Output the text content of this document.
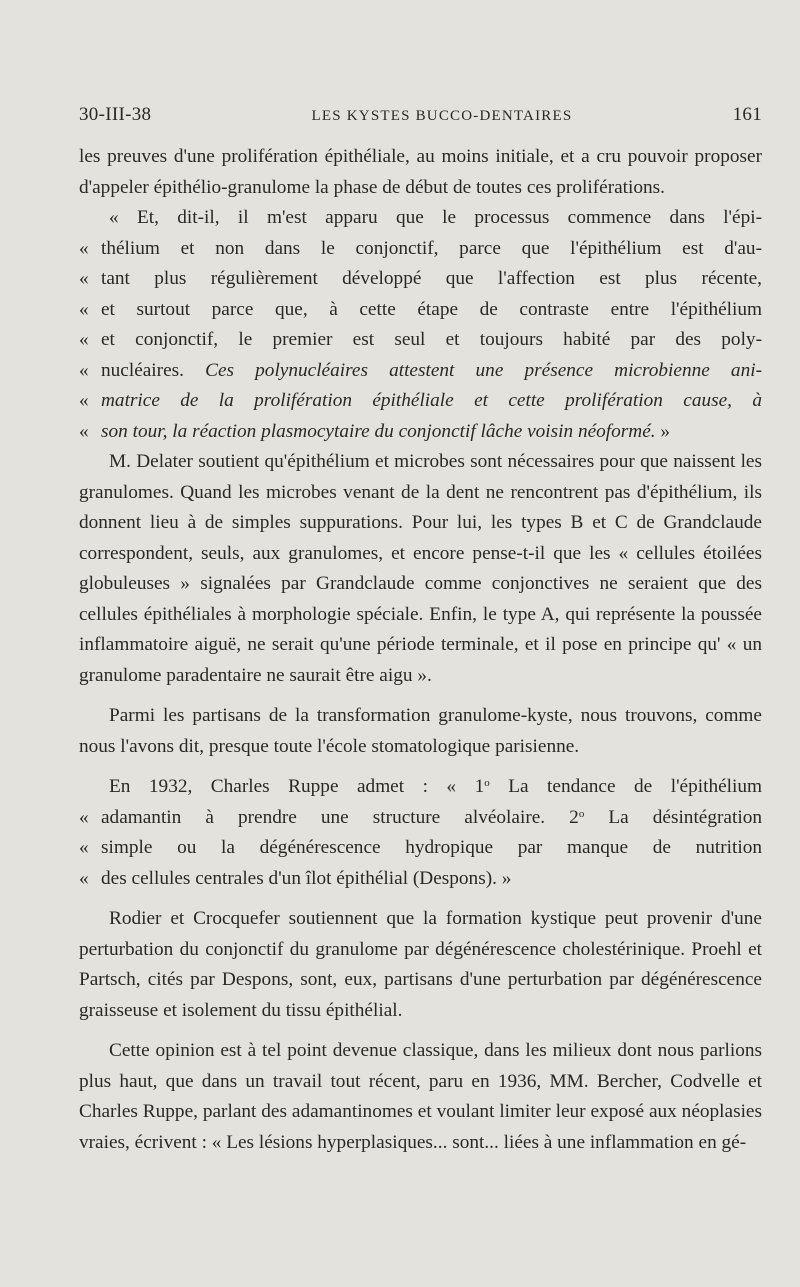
30-III-38	LES KYSTES BUCCO-DENTAIRES	161

les preuves d'une prolifération épithéliale, au moins initiale, et a cru pouvoir proposer d'appeler épithélio-granulome la phase de début de toutes ces proliférations.

« Et, dit-il, il m'est apparu que le processus commence dans l'épi-

« thélium et non dans le conjonctif, parce que l'épithélium est d'au-

« tant plus régulièrement développé que l'affection est plus récente,

« et surtout parce que, à cette étape de contraste entre l'épithélium

« et conjonctif, le premier est seul et toujours habité par des poly-

« nucléaires. Ces polynucléaires attestent une présence microbienne ani-

« matrice de la prolifération épithéliale et cette prolifération cause, à

« son tour, la réaction plasmocytaire du conjonctif lâche voisin néoformé. »

M. Delater soutient qu'épithélium et microbes sont nécessaires pour que naissent les granulomes. Quand les microbes venant de la dent ne rencontrent pas d'épithélium, ils donnent lieu à de simples suppurations. Pour lui, les types B et C de Grandclaude correspondent, seuls, aux granulomes, et encore pense-t-il que les « cellules étoilées globuleuses » signalées par Grandclaude comme conjonctives ne seraient que des cellules épithéliales à morphologie spéciale. Enfin, le type A, qui représente la poussée inflammatoire aiguë, ne serait qu'une période terminale, et il pose en principe qu' « un granulome paradentaire ne saurait être aigu ».

Parmi les partisans de la transformation granulome-kyste, nous trouvons, comme nous l'avons dit, presque toute l'école stomatologique parisienne.

En 1932, Charles Ruppe admet : « 1$^o$ La tendance de l'épithélium

« adamantin à prendre une structure alvéolaire. 2$^o$ La désintégration

« simple ou la dégénérescence hydropique par manque de nutrition

« des cellules centrales d'un îlot épithélial (Despons). »

Rodier et Crocquefer soutiennent que la formation kystique peut provenir d'une perturbation du conjonctif du granulome par dégénérescence cholestérinique. Proehl et Partsch, cités par Despons, sont, eux, partisans d'une perturbation par dégénérescence graisseuse et isolement du tissu épithélial.

Cette opinion est à tel point devenue classique, dans les milieux dont nous parlions plus haut, que dans un travail tout récent, paru en 1936, MM. Bercher, Codvelle et Charles Ruppe, parlant des adamantinomes et voulant limiter leur exposé aux néoplasies vraies, écrivent : « Les lésions hyperplasiques... sont... liées à une inflammation en gé-
